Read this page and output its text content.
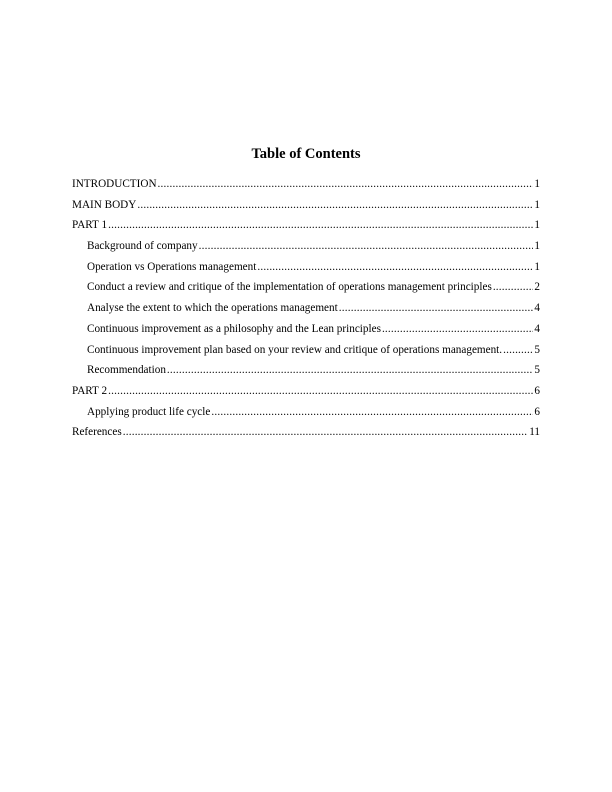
Table of Contents
INTRODUCTION .....	1
MAIN BODY .....	1
PART 1 .....	1
Background of company .....	1
Operation vs Operations management .....	1
Conduct a review and critique of the implementation of operations management principles .....	2
Analyse the extent to which the operations management .....	4
Continuous improvement as a philosophy and the Lean principles .....	4
Continuous improvement plan based on your review and critique of operations management. .....	5
Recommendation .....	5
PART 2 .....	6
Applying product life cycle .....	6
References .....	11
